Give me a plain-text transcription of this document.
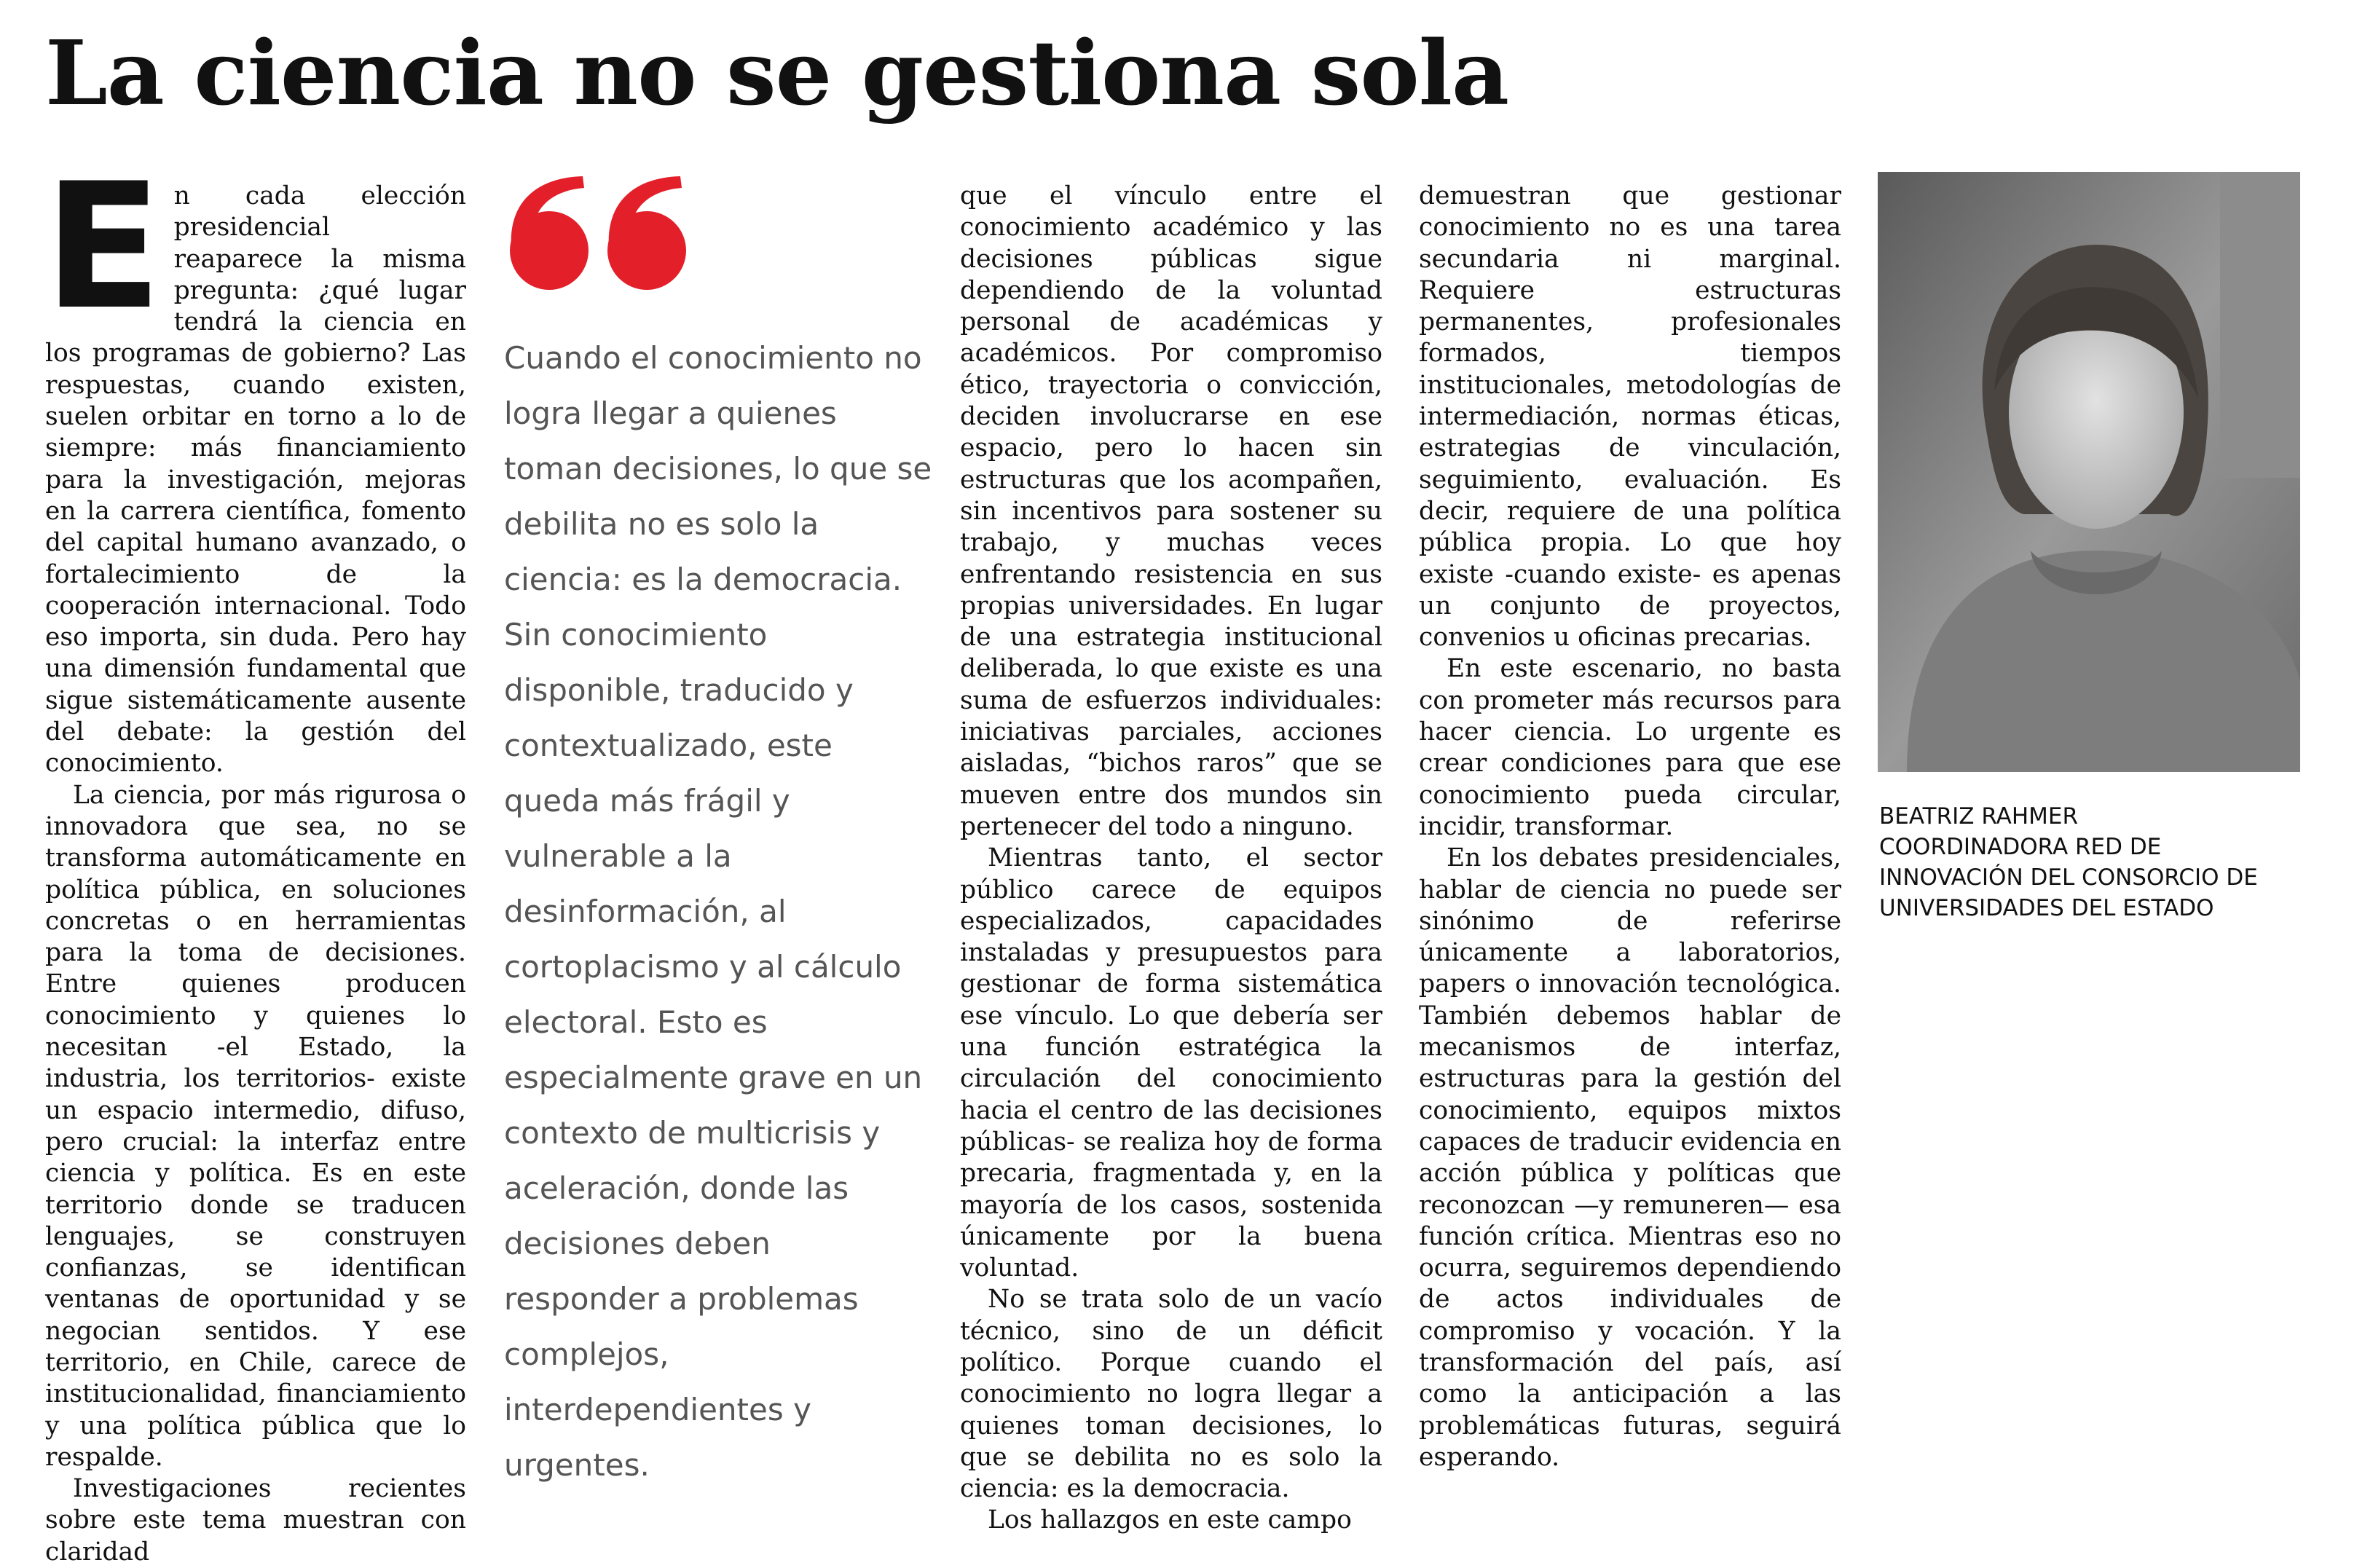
La ciencia no se gestiona sola
E n cada elección presidencial reaparece la misma pregunta: ¿qué lugar tendrá la ciencia en los programas de gobierno? Las respuestas, cuando existen, suelen orbitar en torno a lo de siempre: más financiamiento para la investigación, mejoras en la carrera científica, fomento del capital humano avanzado, o fortalecimiento de la cooperación internacional. Todo eso importa, sin duda. Pero hay una dimensión fundamental que sigue sistemáticamente ausente del debate: la gestión del conocimiento.

La ciencia, por más rigurosa o innovadora que sea, no se transforma automáticamente en política pública, en soluciones concretas o en herramientas para la toma de decisiones. Entre quienes producen conocimiento y quienes lo necesitan -el Estado, la industria, los territorios- existe un espacio intermedio, difuso, pero crucial: la interfaz entre ciencia y política. Es en este territorio donde se traducen lenguajes, se construyen confianzas, se identifican ventanas de oportunidad y se negocian sentidos. Y ese territorio, en Chile, carece de institucionalidad, financiamiento y una política pública que lo respalde.

Investigaciones recientes sobre este tema muestran con claridad

Cuando el conocimiento no logra llegar a quienes toman decisiones, lo que se debilita no es solo la ciencia: es la democracia. Sin conocimiento disponible, traducido y contextualizado, este queda más frágil y vulnerable a la desinformación, al cortoplacismo y al cálculo electoral. Esto es especialmente grave en un contexto de multicrisis y aceleración, donde las decisiones deben responder a problemas complejos, interdependientes y urgentes.

que el vínculo entre el conocimiento académico y las decisiones públicas sigue dependiendo de la voluntad personal de académicas y académicos. Por compromiso ético, trayectoria o convicción, deciden involucrarse en ese espacio, pero lo hacen sin estructuras que los acompañen, sin incentivos para sostener su trabajo, y muchas veces enfrentando resistencia en sus propias universidades. En lugar de una estrategia institucional deliberada, lo que existe es una suma de esfuerzos individuales: iniciativas parciales, acciones aisladas, “bichos raros” que se mueven entre dos mundos sin pertenecer del todo a ninguno.

Mientras tanto, el sector público carece de equipos especializados, capacidades instaladas y presupuestos para gestionar de forma sistemática ese vínculo. Lo que debería ser una función estratégica la circulación del conocimiento hacia el centro de las decisiones públicas- se realiza hoy de forma precaria, fragmentada y, en la mayoría de los casos, sostenida únicamente por la buena voluntad.

No se trata solo de un vacío técnico, sino de un déficit político. Porque cuando el conocimiento no logra llegar a quienes toman decisiones, lo que se debilita no es solo la ciencia: es la democracia.

Los hallazgos en este campo

demuestran que gestionar conocimiento no es una tarea secundaria ni marginal. Requiere estructuras permanentes, profesionales formados, tiempos institucionales, metodologías de intermediación, normas éticas, estrategias de vinculación, seguimiento, evaluación. Es decir, requiere de una política pública propia. Lo que hoy existe -cuando existe- es apenas un conjunto de proyectos, convenios u oficinas precarias.

En este escenario, no basta con prometer más recursos para hacer ciencia. Lo urgente es crear condiciones para que ese conocimiento pueda circular, incidir, transformar.

En los debates presidenciales, hablar de ciencia no puede ser sinónimo de referirse únicamente a laboratorios, papers o innovación tecnológica. También debemos hablar de mecanismos de interfaz, estructuras para la gestión del conocimiento, equipos mixtos capaces de traducir evidencia en acción pública y políticas que reconozcan —y remuneren— esa función crítica. Mientras eso no ocurra, seguiremos dependiendo de actos individuales de compromiso y vocación. Y la transformación del país, así como la anticipación a las problemáticas futuras, seguirá esperando.

BEATRIZ RAHMER
COORDINADORA RED DE
INNOVACIÓN DEL CONSORCIO DE
UNIVERSIDADES DEL ESTADO
